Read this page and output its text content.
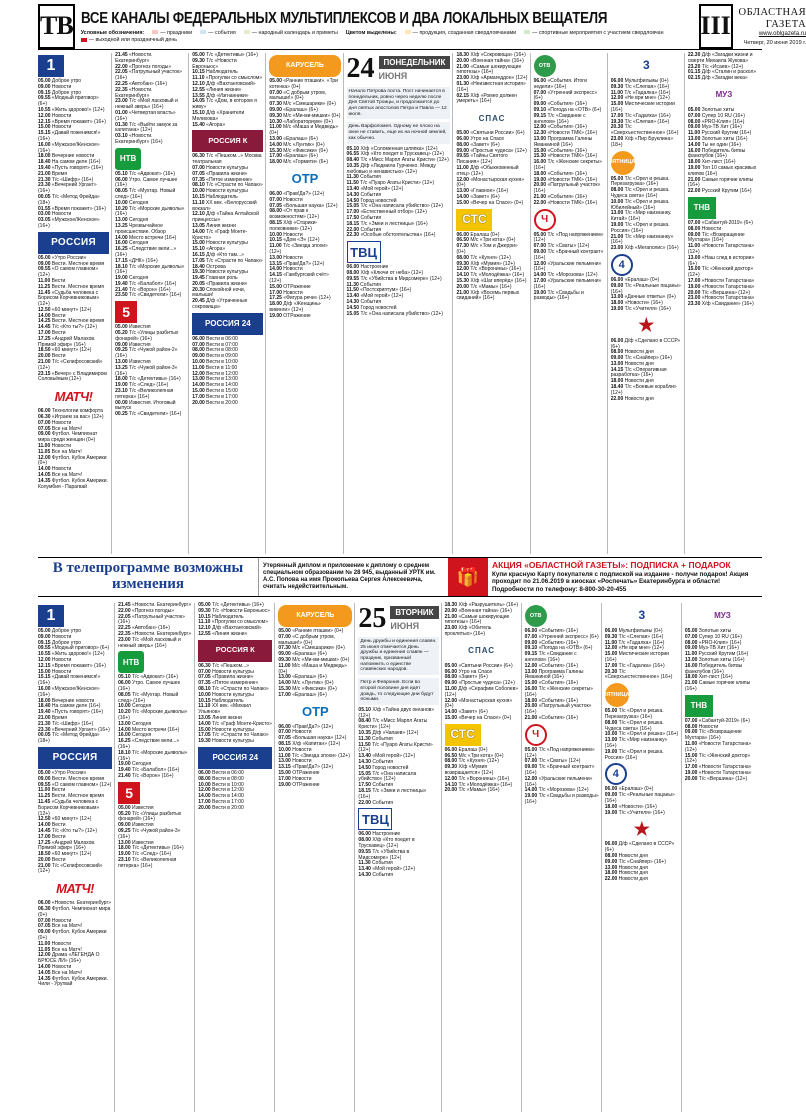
ТВ ВСЕ КАНАЛЫ ФЕДЕРАЛЬНЫХ МУЛЬТИПЛЕКСОВ И ДВА ЛОКАЛЬНЫХ ВЕЩАТЕЛЯ
Условные обозначения:	— праздники	— события	— народный календарь и приметы Цветом выделены:	— продукция, созданная свердловчанами	— спортивные мероприятия с участием свердловчан
— выходной или праздничный день	III ОБЛАСТНАЯ ГАЗЕТА
www.oblgazeta.ru
Четверг, 20 июня 2019 г.
1
05.00 Доброе утро
09.00 Новости
09.15 Доброе утро
09.55 «Модный приговор» (6+)
10.55 «Жить здорово!» (12+)
12.00 Новости
12.15 «Время покажет» (16+)
15.00 Новости
15.15 «Давай поженимся!» (16+)
16.00 «Мужское/Женское» (16+)
18.00 Вечерние новости
18.40 На самом деле (16+)
19.40 «Пусть говорят» (16+)
21.00 Время
21.30 Т/с «Шифр» (16+)
23.30 «Вечерний Ургант» (16+)
00.05 Т/с «Метод Фрейда» (18+)
01.55 «Время покажет» (16+)
03.00 Новости
03.05 «Мужское/Женское» (16+)
РОССИЯ
05.00 «Утро России»
09.00 Вести. Местное время
09.55 «О самом главном» (12+)
11.00 Вести
11.25 Вести. Местное время
11.45 «Судьба человека с Борисом Корчевниковым» (12+)
12.50 «60 минут» (12+)
14.00 Вести
14.25 Вести. Местное время
14.45 Т/с «Кто ты?» (12+)
17.00 Вести
17.25 «Андрей Малахов. Прямой эфир» (16+)
18.50 «60 минут» (12+)
20.00 Вести
21.00 Т/с «Склифосовский» (12+)
23.15 «Вечер» с Владимиром Соловьёвым (12+)
МАТЧ!
06.00 Технологии комфорта
06.30 «Играем за вас» (12+)
07.00 Новости
07.05 Все на Матч!
09.00 Футбол. Чемпионат мира среди женщин (0+)
11.00 Новости
11.05 Все на Матч!
12.00 Футбол. Кубок Америки (0+)
14.00 Новости
14.05 Все на Матч!
14.35 Футбол. Кубок Америки. Колумбия - Парагвай
21.45 «Новости. Екатеринбург»
22.00 «Прогноз погоды»
22.05 «Патрульный участок» (16+)
22.25 «Автобан» (16+)
22.35 «Новости. Екатеринбург»
23.00 Т/с «Мой ласковый и нежный зверь» (16+)
01.00 «Четвертая власть» (16+)
01.30 Т/с «Выйти замуж за капитана» (12+)
03.10 «Новости. Екатеринбург» (16+)
НТВ
05.10 Т/с «Адвокат» (16+)
06.00 Утро. Самое лучшее (16+)
08.05 Т/с «Мухтар. Новый след» (16+)
10.00 Сегодня
10.20 Т/с «Морские дьяволы» (16+)
13.00 Сегодня
13.25 Чрезвычайное происшествие. Обзор
14.00 Место встречи (16+)
16.00 Сегодня
16.25 «Следствие вели...» (16+)
17.15 «ДНК» (16+)
18.10 Т/с «Морские дьяволы» (16+)
19.00 Сегодня
19.40 Т/с «Балабол» (16+)
21.40 Т/с «Ворон» (16+)
23.50 Т/с «Свидетели» (16+)
5
05.00 Известия
05.20 Т/с «Улицы разбитых фонарей» (16+)
09.00 Известия
09.25 Т/с «Чужой район-2» (16+)
13.00 Известия
13.25 Т/с «Чужой район-3» (16+)
18.00 Т/с «Детективы» (16+)
19.00 Т/с «След» (16+)
23.10 Т/с «Великолепная пятерка» (16+)
00.00 Известия. Итоговый выпуск
00.25 Т/с «Свидетели» (16+)
05.00 Т/с «Детективы» (16+)
09.30 Т/с «Новости Евроньюс»
10.15 Наблюдатель
11.10 «Прогулки со смыслом»
12.10 Д/ф «Вахтанговский»
12.55 «Линия жизни»
13.55 Д/ф «Изгнанники»
14.05 Т/с «Дом, в котором я живу»
15.10 Д/ф «Хранители Мелихова»
15.40 «Агора»
РОССИЯ К
06.30 Т/с «Пешком...» Москва театральная
07.00 Новости культуры
07.05 «Правила жизни»
07.35 «Пятое измерение»
08.10 Т/с «Страсти по Чапаю»
10.00 Новости культуры
10.15 Наблюдатель
11.10 ХХ век. «Белорусский вокзал»
12.10 Д/ф «Тайна Алтайской принцессы»
13.05 Линия жизни
14.00 Т/с «Граф Монте-Кристо»
15.00 Новости культуры
15.10 «Агора»
16.15 Д/ф «Кто там...»
17.05 Т/с «Страсти по Чапаю»
18.40 Острова
19.30 Новости культуры
19.45 Главная роль
20.05 «Правила жизни»
20.30 Спокойной ночи, малыши!
20.45 Д/ф «Утраченные сокровища»
РОССИЯ 24
06.00 Вести в 06:00
07.00 Вести в 07:00
08.00 Вести в 08:00
09.00 Вести в 09:00
10.00 Вести в 10:00
11.00 Вести в 11:00
12.00 Вести в 12:00
13.00 Вести в 13:00
14.00 Вести в 14:00
15.00 Вести в 15:00
17.00 Вести в 17:00
20.00 Вести в 20:00
КАРУСЕЛЬ
05.00 «Ранние пташки». «Три котенка» (0+)
07.00 «С добрым утром, малыши!» (0+)
07.30 М/с «Смешарики» (0+)
09.00 «Ералаш» (6+)
09.30 М/с «Ми-ми-мишки» (0+)
10.30 «Лабораториум» (0+)
11.00 М/с «Маша и Медведь» (0+)
13.00 «Ералаш» (6+)
14.00 М/с «Лунтик» (0+)
15.30 М/с «Фиксики» (0+)
17.00 «Ералаш» (6+)
18.00 М/с «Гормити» (6+)
ОТР
06.00 «Прав!Да?» (12+)
07.00 Новости
07.05 «Большая наука» (12+)
08.00 «От прав к возможностям» (12+)
08.15 Х/ф «Старики-полковники» (12+)
10.00 Новости
10.15 «Дом «Э» (12+)
11.00 Т/с «Звезда эпохи» (12+)
13.00 Новости
13.15 «Прав!Да?» (12+)
14.00 Новости
14.15 «Гамбургский счёт» (12+)
15.00 ОТРажение
17.00 Новости
17.25 «Фигура речи» (12+)
18.00 Д/ф «Женщины-викинги» (12+)
19.00 ОТРажение
24	ПОНЕДЕЛЬНИК
ИЮНЯ
Начало Петрова поста. Пост начинается в понедельник, ровно через неделю после Дня Святой Троицы, и продолжается до дня святых апостолов Петра и Павла — 12 июля.
День Варфоломея. Одному не плохо на окне не ставить, еще их на ночной землей, как обычно.
05.10 Х/ф «Соломенная шляпка» (12+)
06.55 Х/ф «Кто поедет в Трускавец» (12+)
08.40 Т/с «Мисс Марпл Агаты Кристи» (12+)
10.35 Д/ф «Людмила Гурченко. Между любовью и ненавистью» (12+)
11.30 События
11.50 Т/с «Пуаро Агаты Кристи» (12+)
13.40 «Мой герой» (12+)
14.30 События
14.50 Город новостей
15.05 Т/с «Она написала убийство» (12+)
17.00 «Естественный отбор» (12+)
17.50 События
18.15 Т/с «Змеи и лестницы» (16+)
22.00 События
22.30 «Особые обстоятельства» (16+)
ТВЦ
06.00 Настроение
08.00 Х/ф «Ключи от неба» (12+)
09.55 Т/с «Убийства в Мидсомере» (12+)
11.30 События
11.50 «Постскриптум» (16+)
13.40 «Мой герой» (12+)
14.30 События
14.50 Город новостей
15.05 Т/с «Она написала убийство» (12+)
18.30 Х/ф «Сокровища» (16+)
20.00 «Военная тайна» (16+)
21.00 «Самые шокирующие гипотезы» (16+)
23.00 Х/ф «Армагеддон» (12+)
01.30 «Неизвестная история» (16+)
02.15 Х/ф «Ромео должен умереть» (16+)
СПАС
05.00 «Святыни России» (6+)
06.00 Утро на Спасе
08.00 «Завет» (6+)
09.00 «Простые чудеса» (12+)
09.55 «Тайны Святого Писания» (12+)
11.00 Д/ф «Обыкновенный отец» (12+)
12.00 «Монастырская кухня» (0+)
13.00 «Главное» (16+)
14.00 «Завет» (6+)
15.00 «Вечер на Спасе» (0+)
СТС
06.00 Ералаш (0+)
06.50 М/с «Три кота» (0+)
07.30 М/с «Том и Джерри» (0+)
08.00 Т/с «Кухня» (12+)
09.30 Х/ф «Мумия» (12+)
12.00 Т/с «Воронины» (16+)
14.10 Т/с «Молодёжка» (16+)
15.30 Х/ф «Шаг вперёд» (16+)
20.00 Т/с «Мамы» (16+)
21.00 Х/ф «Восемь первых свиданий» (16+)
ОТВ
06.00 «События. Итоги недели» (16+)
07.00 «Утренний экспресс» (6+)
09.00 «События» (16+)
09.10 «Погода на «ОТВ» (6+)
09.15 Т/с «Свидание с ангелом» (16+)
12.00 «События» (16+)
12.30 «Новости ТМК» (16+)
13.00 Программа Галины Яманкиной (16+)
15.00 «События» (16+)
15.30 «Новости ТМК» (16+)
16.00 Т/с «Женские секреты» (16+)
18.00 «События» (16+)
19.00 «Новости ТМК» (16+)
20.00 «Патрульный участок» (16+)
21.00 «События» (16+)
22.00 «Новости ТМК» (16+)
Ч
05.00 Т/с «Под напряжением» (12+)
07.00 Т/с «Сваты» (12+)
09.00 Т/с «Брачный контракт» (16+)
12.00 «Уральские пельмени» (16+)
14.00 Т/с «Морозова» (12+)
17.00 «Уральские пельмени» (16+)
19.00 Т/с «Свадьбы и разводы» (16+)
3
06.00 Мультфильмы (0+)
09.30 Т/с «Слепая» (16+)
11.00 Т/с «Гадалка» (16+)
12.00 «Не ври мне» (12+)
15.00 Мистические истории (16+)
17.00 Т/с «Гадалка» (16+)
19.30 Т/с «Слепая» (16+)
20.30 Т/с «Сверхъестественное» (16+)
23.00 Х/ф «Пир Бруклина» (18+)
ПЯТНИЦА!
05.00 Т/с «Орел и решка. Перезагрузка» (16+)
08.00 Т/с «Орел и решка. Чудеса света» (16+)
10.00 Т/с «Орел и решка. Юбилейный» (16+)
13.00 Т/с «Мир наизнанку. Китай» (16+)
19.00 Т/с «Орел и решка. Россия» (16+)
21.00 Т/с «Мир наизнанку» (16+)
23.00 Х/ф «Мегаполис» (16+)
4
06.00 «Ералаш» (0+)
09.00 Т/с «Реальные пацаны» (16+)
13.00 «Дачные ответы» (0+)
18.00 «Новости» (16+)
19.00 Т/с «Учителя» (16+)
★
06.00 Д/ф «Сделано в СССР» (6+)
08.00 Новости дня
09.00 Т/с «Снайпер» (16+)
13.00 Новости дня
14.15 Т/с «Оперативная разработка» (16+)
18.00 Новости дня
18.40 Т/с «Боевые корабли» (12+)
22.00 Новости дня
22.30 Д/ф «Загадки жизни и смерти Михаила Жукова»
23.20 Т/с «Исаев» (12+)
01.15 Д/ф «Сталин и раскол»
02.15 Д/ф «Загадки века»
МУЗ
05.00 Золотые хиты
07.00 Супер 10 RU (16+)
08.00 «PRO-Клип» (16+)
09.00 Муз-ТВ Хит (16+)
11.00 Русский Крутим (16+)
13.00 Золотые хиты (16+)
14.00 Ты не один (16+)
16.00 Победитель битвы фанклубов (16+)
18.00 Хит-лист (16+)
19.00 Топ 10 самых красивых клипов (16+)
21.00 Самые горячие клипы (16+)
22.00 Русский Крутим (16+)
ТНВ
07.00 «Сабантуй-2019» (6+)
08.00 Новости
09.00 Т/с «Возвращение Мухтара» (16+)
11.00 «Новости Татарстана» (12+)
13.00 «Наш след в истории» (6+)
15.00 Т/с «Женский доктор» (12+)
17.00 «Новости Татарстана»
19.00 «Новости Татарстана»
20.00 Т/с «Вершина» (12+)
23.00 «Новости Татарстана»
23.30 Х/ф «Свидание» (16+)
В телепрограмме возможны изменения
Утерянный диплом и приложение к диплому о среднем специальном образовании № 28 945, выданный УРТК им. А.С. Попова на имя Прокопьева Сергея Алексеевича, считать недействительным.
🎁
АКЦИЯ «ОБЛАСТНОЙ ГАЗЕТЫ»: ПОДПИСКА + ПОДАРОК
Купи красную Карту покупателя с подпиской на издание - получи подарок! Акция проходит по 21.06.2019 в киосках «Роспечать» Екатеринбурга и области! Подробности по телефону: 8-800-30-20-455
1
05.00 Доброе утро
09.00 Новости
09.15 Доброе утро
09.55 «Модный приговор» (6+)
10.55 «Жить здорово!» (12+)
12.00 Новости
12.15 «Время покажет» (16+)
15.00 Новости
15.15 «Давай поженимся!» (16+)
16.00 «Мужское/Женское» (16+)
18.00 Вечерние новости
18.40 На самом деле (16+)
19.40 «Пусть говорят» (16+)
21.00 Время
21.30 Т/с «Шифр» (16+)
23.30 «Вечерний Ургант» (16+)
00.05 Т/с «Метод Фрейда» (18+)
РОССИЯ
05.00 «Утро России»
09.00 Вести. Местное время
09.55 «О самом главном» (12+)
11.00 Вести
11.25 Вести. Местное время
11.45 «Судьба человека с Борисом Корчевниковым» (12+)
12.50 «60 минут» (12+)
14.00 Вести
14.45 Т/с «Кто ты?» (12+)
17.00 Вести
17.25 «Андрей Малахов. Прямой эфир» (16+)
18.50 «60 минут» (12+)
20.00 Вести
21.00 Т/с «Склифосовский» (12+)
МАТЧ!
06.00 «Новости. Екатеринбург»
06.30 Футбол. Чемпионат мира (0+)
07.00 Новости
07.05 Все на Матч!
09.00 Футбол. Кубок Америки (0+)
11.00 Новости
11.05 Все на Матч!
12.00 Драма «ЛЕГЕНДА О БРЮСЕ ЛИ» (16+)
14.00 Новости
14.05 Все на Матч!
14.35 Футбол. Кубок Америки. Чили - Уругвай
21.45 «Новости. Екатеринбург»
22.00 «Прогноз погоды»
22.05 «Патрульный участок» (16+)
22.25 «Автобан» (16+)
22.35 «Новости. Екатеринбург»
23.00 Т/с «Мой ласковый и нежный зверь» (16+)
НТВ
05.10 Т/с «Адвокат» (16+)
06.00 Утро. Самое лучшее (16+)
08.05 Т/с «Мухтар. Новый след» (16+)
10.00 Сегодня
10.20 Т/с «Морские дьяволы» (16+)
13.00 Сегодня
14.00 Место встречи (16+)
16.00 Сегодня
16.25 «Следствие вели...» (16+)
18.10 Т/с «Морские дьяволы» (16+)
19.00 Сегодня
19.40 Т/с «Балабол» (16+)
21.40 Т/с «Ворон» (16+)
5
05.00 Известия
05.20 Т/с «Улицы разбитых фонарей» (16+)
09.00 Известия
09.25 Т/с «Чужой район-3» (16+)
13.00 Известия
18.00 Т/с «Детективы» (16+)
19.00 Т/с «След» (16+)
23.10 Т/с «Великолепная пятерка» (16+)
05.00 Т/с «Детективы» (16+)
09.30 Т/с «Новости Евроньюс»
10.15 Наблюдатель
11.10 «Прогулки со смыслом»
12.10 Д/ф «Вахтанговский»
12.55 «Линия жизни»
РОССИЯ К
06.30 Т/с «Пешком...»
07.00 Новости культуры
07.05 «Правила жизни»
07.35 «Пятое измерение»
08.10 Т/с «Страсти по Чапаю»
10.00 Новости культуры
10.15 Наблюдатель
11.10 ХХ век. «Михаил Ульянов»
13.05 Линия жизни
14.00 Т/с «Граф Монте-Кристо»
15.00 Новости культуры
17.05 Т/с «Страсти по Чапаю»
19.30 Новости культуры
РОССИЯ 24
06.00 Вести в 06:00
08.00 Вести в 08:00
10.00 Вести в 10:00
12.00 Вести в 12:00
14.00 Вести в 14:00
17.00 Вести в 17:00
20.00 Вести в 20:00
КАРУСЕЛЬ
05.00 «Ранние пташки» (0+)
07.00 «С добрым утром, малыши!» (0+)
07.30 М/с «Смешарики» (0+)
09.00 «Ералаш» (6+)
09.30 М/с «Ми-ми-мишки» (0+)
11.00 М/с «Маша и Медведь» (0+)
13.00 «Ералаш» (6+)
14.00 М/с «Лунтик» (0+)
15.30 М/с «Фиксики» (0+)
17.00 «Ералаш» (6+)
ОТР
06.00 «Прав!Да?» (12+)
07.00 Новости
07.05 «Большая наука» (12+)
08.15 Х/ф «Капитан» (12+)
10.00 Новости
11.00 Т/с «Звезда эпохи» (12+)
13.00 Новости
13.15 «Прав!Да?» (12+)
15.00 ОТРажение
17.00 Новости
19.00 ОТРажение
25	ВТОРНИК
ИЮНЯ
День дружбы и единения славян. 25 июня отмечается День дружбы и единения славян — праздник, призванный напомнить о единстве славянских народов.
Петр и Феврония. Если во второй половине дня идёт дождь, то следующие дни будут ясными.
05.10 Х/ф «Тайна двух океанов» (12+)
08.40 Т/с «Мисс Марпл Агаты Кристи» (12+)
10.35 Д/ф «Чапаев» (12+)
11.30 События
11.50 Т/с «Пуаро Агаты Кристи» (12+)
13.40 «Мой герой» (12+)
14.30 События
14.50 Город новостей
15.05 Т/с «Она написала убийство» (12+)
17.50 События
18.15 Т/с «Змеи и лестницы» (16+)
22.00 События
ТВЦ
06.00 Настроение
08.00 Х/ф «Кто поедет в Трускавец» (12+)
09.55 Т/с «Убийства в Мидсомере» (12+)
11.30 События
13.40 «Мой герой» (12+)
14.30 События
18.30 Х/ф «Разрушитель» (16+)
20.00 «Военная тайна» (16+)
21.00 «Самые шокирующие гипотезы» (16+)
23.00 Х/ф «Обитель проклятых» (16+)
СПАС
05.00 «Святыни России» (6+)
06.00 Утро на Спасе
08.00 «Завет» (6+)
09.00 «Простые чудеса» (12+)
11.00 Д/ф «Серафим Соболев» (12+)
12.00 «Монастырская кухня» (0+)
14.00 «Завет» (6+)
15.00 «Вечер на Спасе» (0+)
СТС
06.00 Ералаш (0+)
06.50 М/с «Три кота» (0+)
08.00 Т/с «Кухня» (12+)
09.30 Х/ф «Мумия возвращается» (12+)
12.00 Т/с «Воронины» (16+)
14.10 Т/с «Молодёжка» (16+)
20.00 Т/с «Мамы» (16+)
ОТВ
06.00 «События» (16+)
07.00 «Утренний экспресс» (6+)
09.00 «События» (16+)
09.10 «Погода на «ОТВ» (6+)
09.15 Т/с «Свидание с ангелом» (16+)
12.00 «События» (16+)
13.00 Программа Галины Яманкиной (16+)
15.00 «События» (16+)
16.00 Т/с «Женские секреты» (16+)
18.00 «События» (16+)
20.00 «Патрульный участок» (16+)
21.00 «События» (16+)
Ч
05.00 Т/с «Под напряжением» (12+)
07.00 Т/с «Сваты» (12+)
09.00 Т/с «Брачный контракт» (16+)
12.00 «Уральские пельмени» (16+)
14.00 Т/с «Морозова» (12+)
19.00 Т/с «Свадьбы и разводы» (16+)
3
06.00 Мультфильмы (0+)
09.30 Т/с «Слепая» (16+)
11.00 Т/с «Гадалка» (16+)
12.00 «Не ври мне» (12+)
15.00 Мистические истории (16+)
17.00 Т/с «Гадалка» (16+)
20.30 Т/с «Сверхъестественное» (16+)
ПЯТНИЦА!
05.00 Т/с «Орел и решка. Перезагрузка» (16+)
08.00 Т/с «Орел и решка. Чудеса света» (16+)
10.00 Т/с «Орел и решка» (16+)
13.00 Т/с «Мир наизнанку» (16+)
19.00 Т/с «Орел и решка. Россия» (16+)
4
06.00 «Ералаш» (0+)
09.00 Т/с «Реальные пацаны» (16+)
18.00 «Новости» (16+)
19.00 Т/с «Учителя» (16+)
★
06.00 Д/ф «Сделано в СССР» (6+)
08.00 Новости дня
09.00 Т/с «Снайпер» (16+)
13.00 Новости дня
18.00 Новости дня
22.00 Новости дня
МУЗ
05.00 Золотые хиты
07.00 Супер 10 RU (16+)
08.00 «PRO-Клип» (16+)
09.00 Муз-ТВ Хит (16+)
11.00 Русский Крутим (16+)
13.00 Золотые хиты (16+)
16.00 Победитель битвы фанклубов (16+)
18.00 Хит-лист (16+)
21.00 Самые горячие клипы (16+)
ТНВ
07.00 «Сабантуй-2019» (6+)
08.00 Новости
09.00 Т/с «Возвращение Мухтара» (16+)
11.00 «Новости Татарстана» (12+)
15.00 Т/с «Женский доктор» (12+)
17.00 «Новости Татарстана»
19.00 «Новости Татарстана»
20.00 Т/с «Вершина» (12+)
